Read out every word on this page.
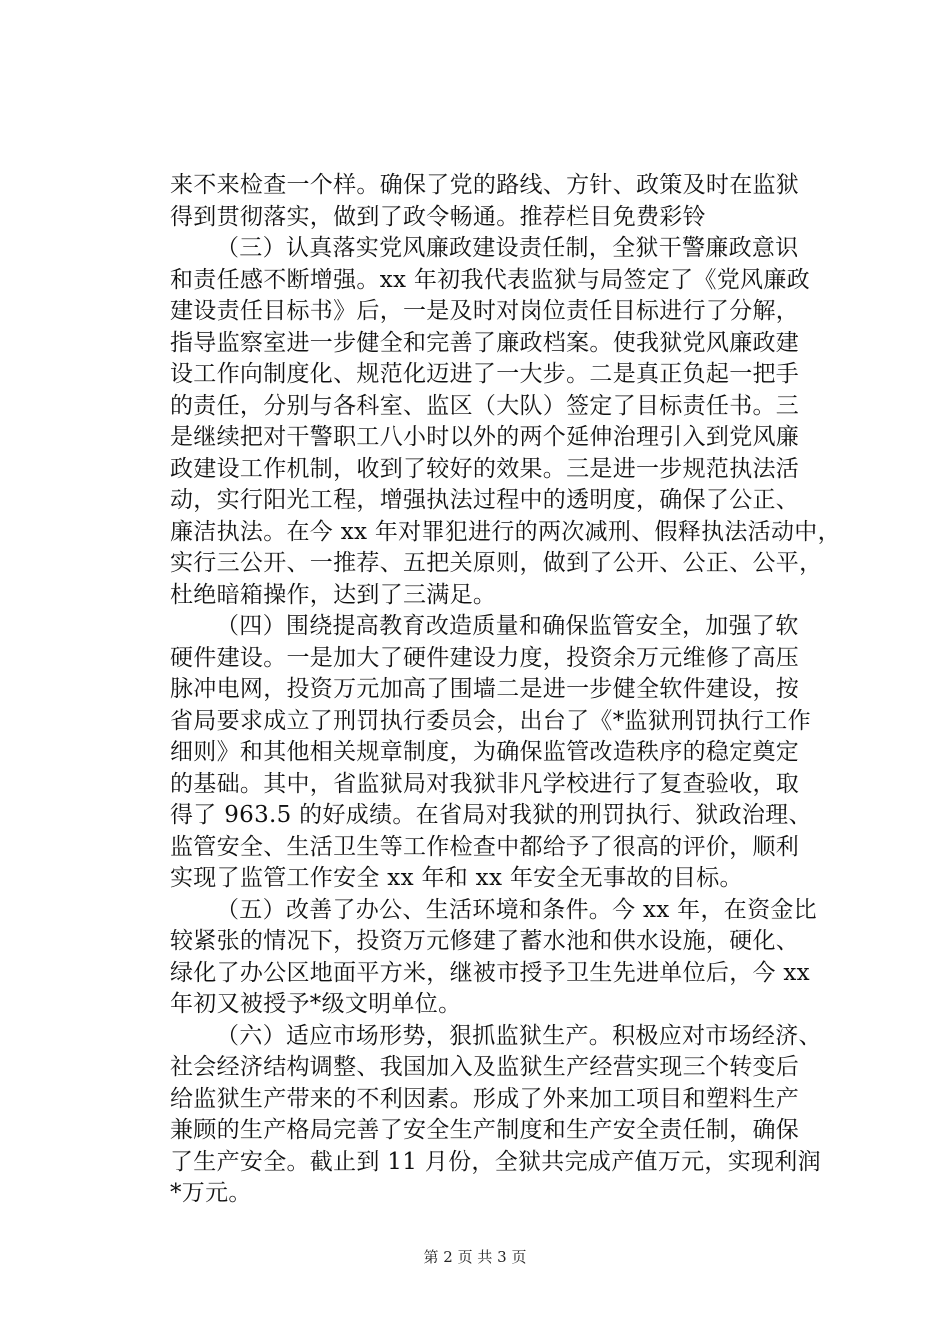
来不来检查一个样。确保了党的路线、方针、政策及时在监狱
得到贯彻落实，做到了政令畅通。推荐栏目免费彩铃
（三）认真落实党风廉政建设责任制，全狱干警廉政意识
和责任感不断增强。xx 年初我代表监狱与局签定了《党风廉政
建设责任目标书》后，一是及时对岗位责任目标进行了分解，
指导监察室进一步健全和完善了廉政档案。使我狱党风廉政建
设工作向制度化、规范化迈进了一大步。二是真正负起一把手
的责任，分别与各科室、监区（大队）签定了目标责任书。三
是继续把对干警职工八小时以外的两个延伸治理引入到党风廉
政建设工作机制，收到了较好的效果。三是进一步规范执法活
动，实行阳光工程，增强执法过程中的透明度，确保了公正、
廉洁执法。在今 xx 年对罪犯进行的两次减刑、假释执法活动中，
实行三公开、一推荐、五把关原则，做到了公开、公正、公平，
杜绝暗箱操作，达到了三满足。
（四）围绕提高教育改造质量和确保监管安全，加强了软
硬件建设。一是加大了硬件建设力度，投资余万元维修了高压
脉冲电网，投资万元加高了围墙二是进一步健全软件建设，按
省局要求成立了刑罚执行委员会，出台了《*监狱刑罚执行工作
细则》和其他相关规章制度，为确保监管改造秩序的稳定奠定
的基础。其中，省监狱局对我狱非凡学校进行了复查验收，取
得了 963.5 的好成绩。在省局对我狱的刑罚执行、狱政治理、
监管安全、生活卫生等工作检查中都给予了很高的评价，顺利
实现了监管工作安全 xx 年和 xx 年安全无事故的目标。
（五）改善了办公、生活环境和条件。今 xx 年，在资金比
较紧张的情况下，投资万元修建了蓄水池和供水设施，硬化、
绿化了办公区地面平方米，继被市授予卫生先进单位后，今 xx
年初又被授予*级文明单位。
（六）适应市场形势，狠抓监狱生产。积极应对市场经济、
社会经济结构调整、我国加入及监狱生产经营实现三个转变后
给监狱生产带来的不利因素。形成了外来加工项目和塑料生产
兼顾的生产格局完善了安全生产制度和生产安全责任制，确保
了生产安全。截止到 11 月份，全狱共完成产值万元，实现利润
*万元。
第 2 页 共 3 页
